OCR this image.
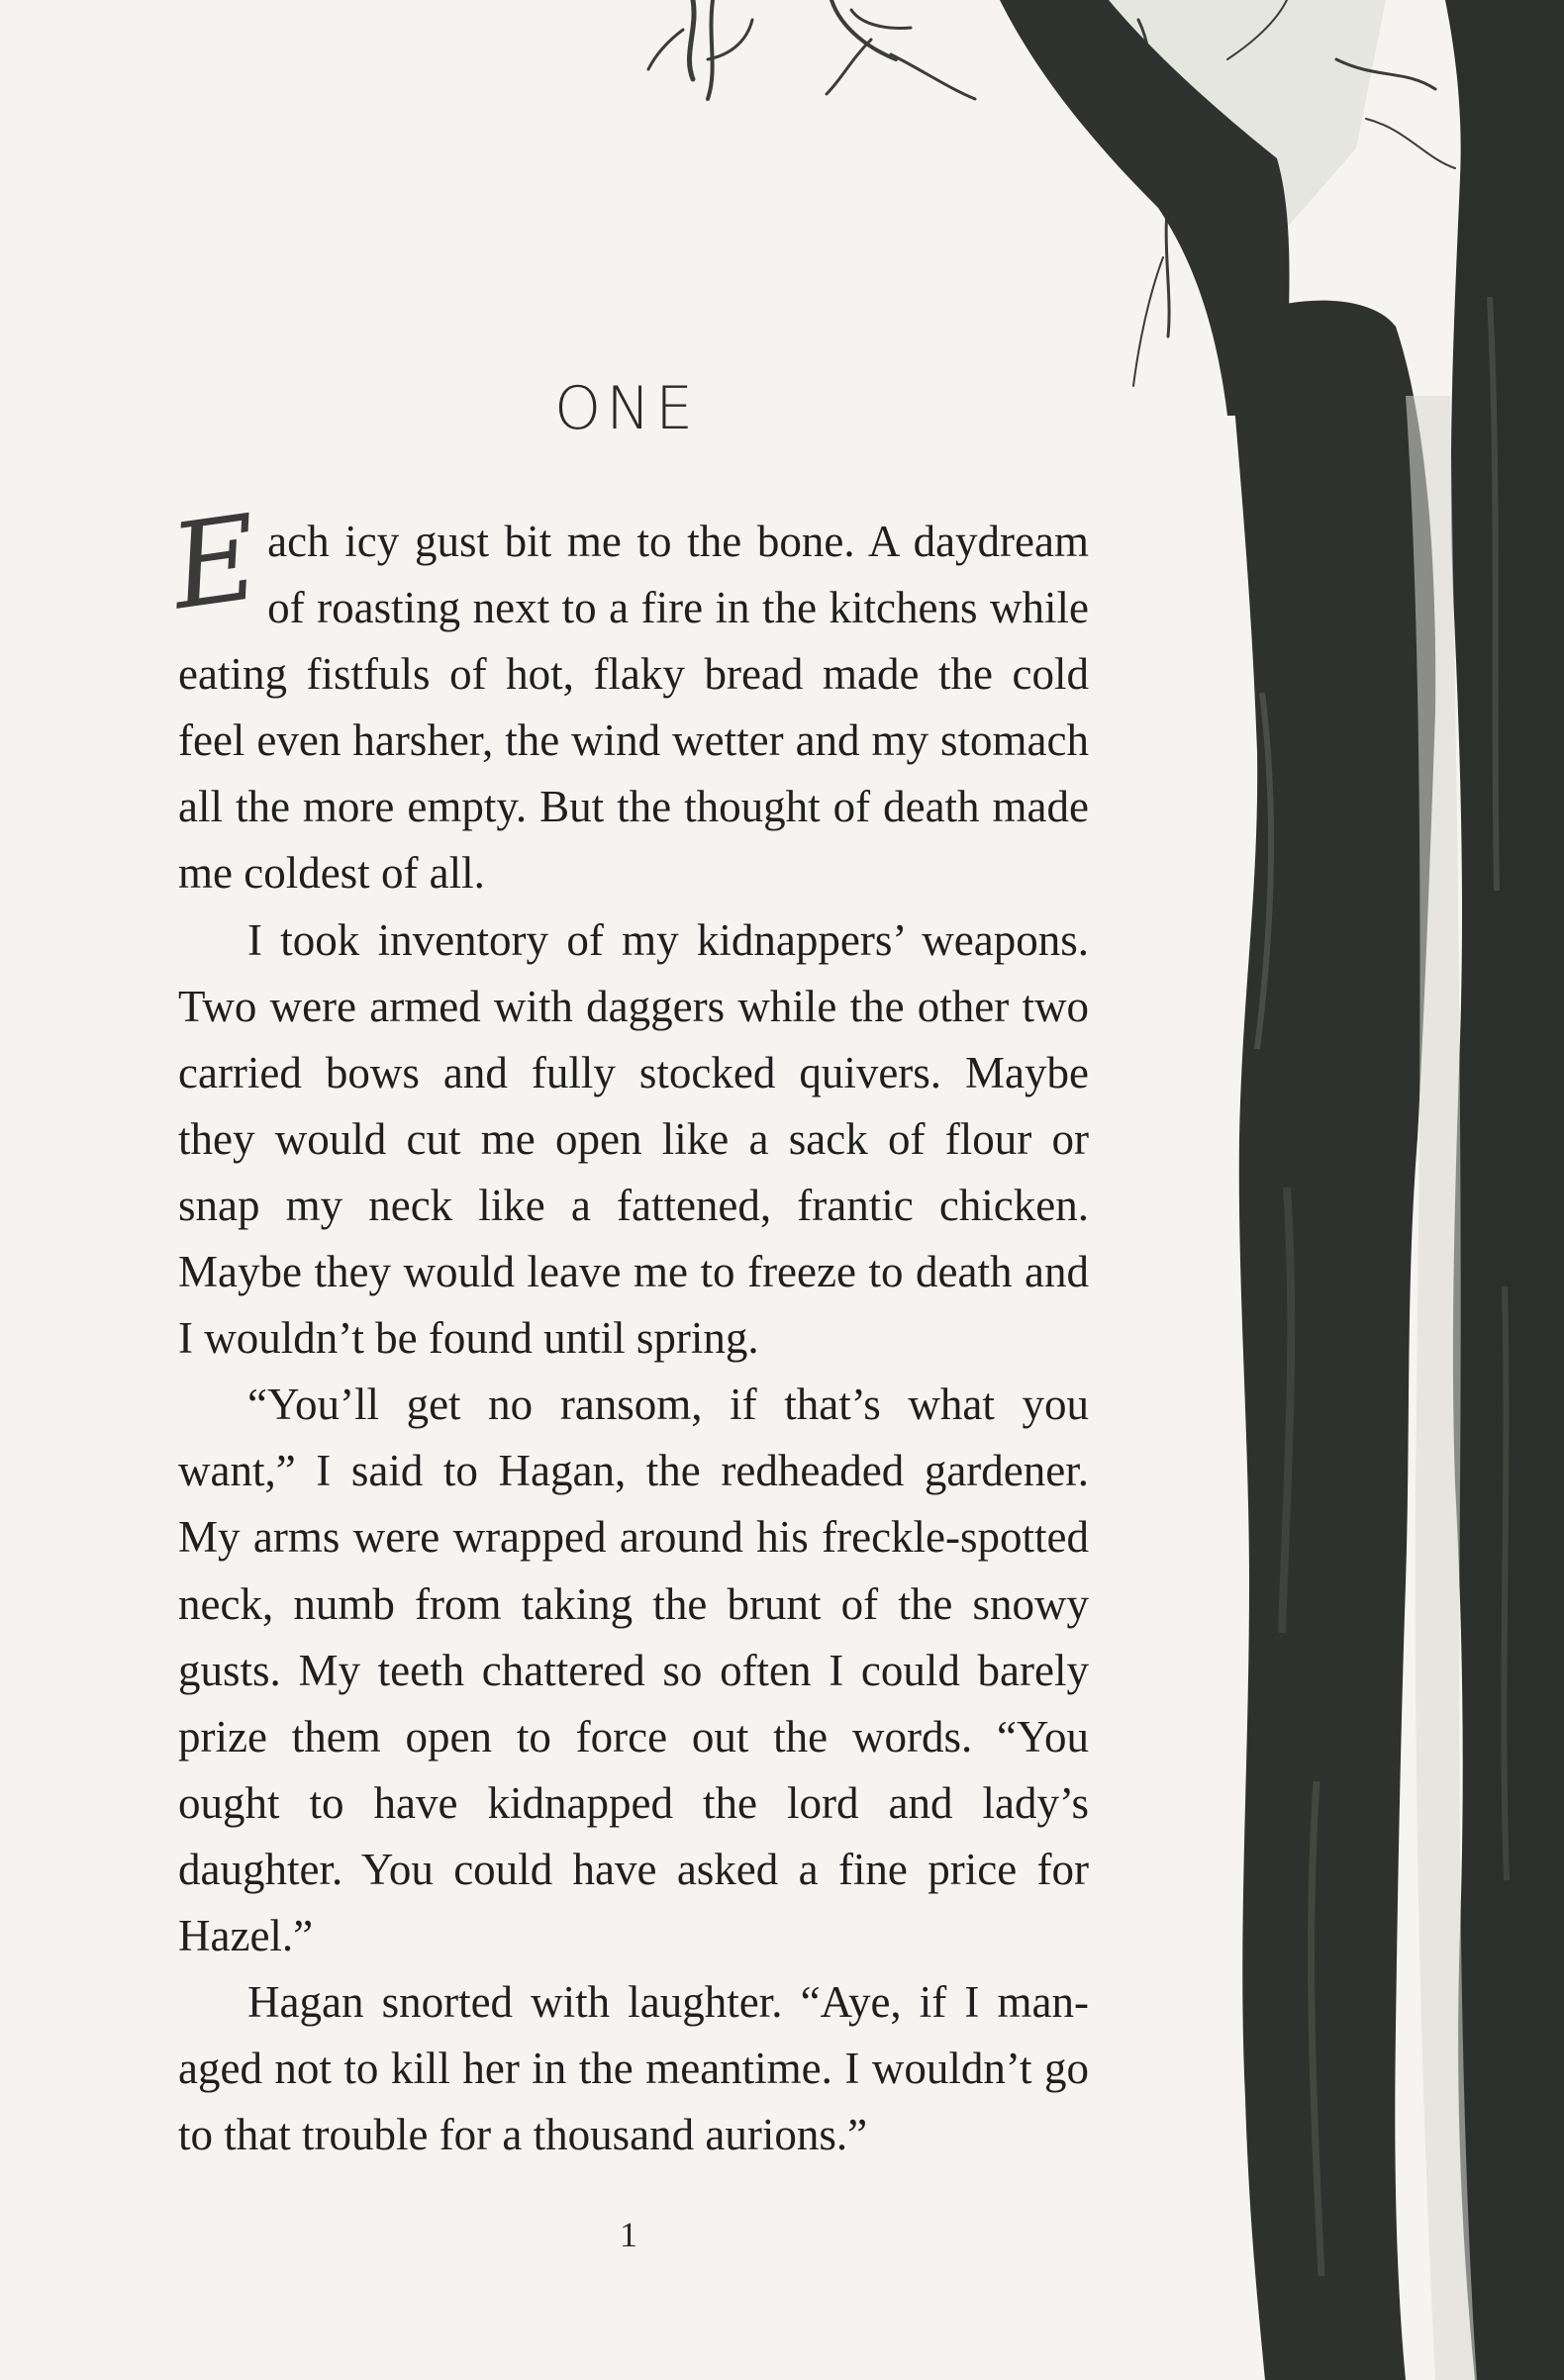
ONE

Each icy gust bit me to the bone. A daydream of roasting next to a fire in the kitchens while eating fistfuls of hot, flaky bread made the cold feel even harsher, the wind wetter and my stomach all the more empty. But the thought of death made me coldest of all.

I took inventory of my kidnappers’ weapons. Two were armed with daggers while the other two carried bows and fully stocked quivers. Maybe they would cut me open like a sack of flour or snap my neck like a fattened, frantic chicken. Maybe they would leave me to freeze to death and I wouldn’t be found until spring.

“You’ll get no ransom, if that’s what you want,” I said to Hagan, the redheaded gardener. My arms were wrapped around his freckle-spotted neck, numb from taking the brunt of the snowy gusts. My teeth chattered so often I could barely prize them open to force out the words. “You ought to have kidnapped the lord and lady’s daughter. You could have asked a fine price for Hazel.”

Hagan snorted with laughter. “Aye, if I managed not to kill her in the meantime. I wouldn’t go to that trouble for a thousand aurions.”

1
